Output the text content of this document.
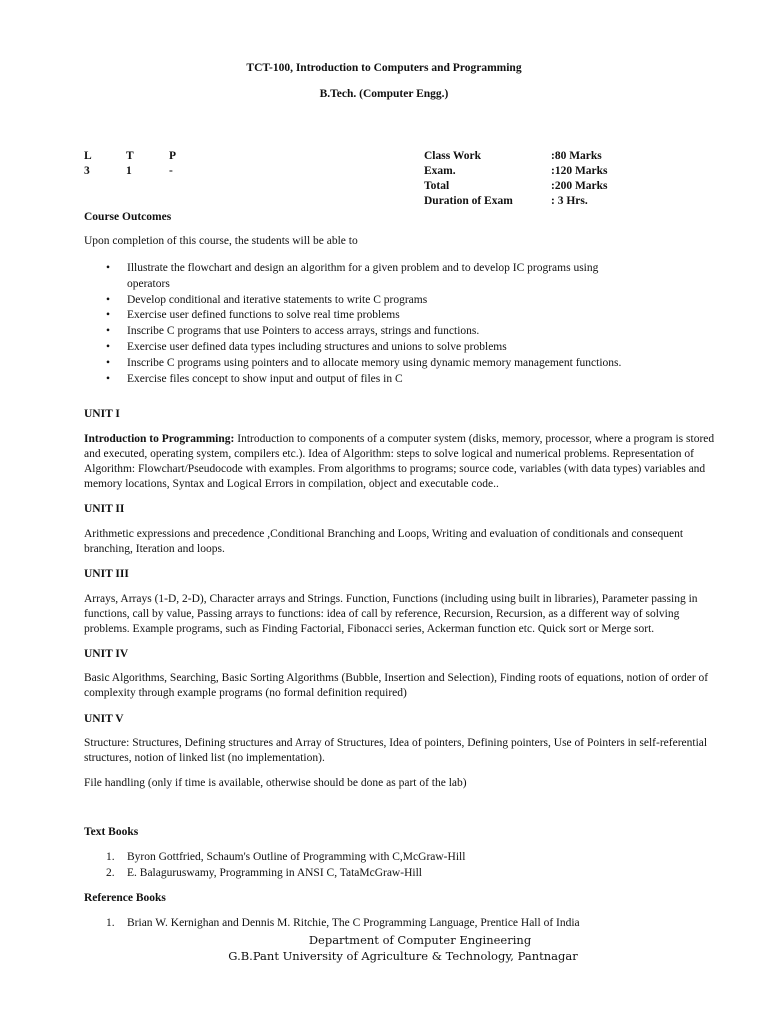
TCT-100, Introduction to Computers and Programming
B.Tech. (Computer Engg.)
L	T	P
3	1	-
Class Work	:80 Marks
Exam.	:120 Marks
Total	:200 Marks
Duration of Exam	: 3 Hrs.
Course Outcomes
Upon completion of this course, the students will be able to
• Illustrate the flowchart and design an algorithm for a given problem and to develop IC programs using operators
• Develop conditional and iterative statements to write C programs
• Exercise user defined functions to solve real time problems
• Inscribe C programs that use Pointers to access arrays, strings and functions.
• Exercise user defined data types including structures and unions to solve problems
• Inscribe C programs using pointers and to allocate memory using dynamic memory management functions.
• Exercise files concept to show input and output of files in C
UNIT I

Introduction to Programming: Introduction to components of a computer system (disks, memory, processor, where a program is stored and executed, operating system, compilers etc.). Idea of Algorithm: steps to solve logical and numerical problems. Representation of Algorithm: Flowchart/Pseudocode with examples. From algorithms to programs; source code, variables (with data types) variables and memory locations, Syntax and Logical Errors in compilation, object and executable code..

UNIT II

Arithmetic expressions and precedence ,Conditional Branching and Loops, Writing and evaluation of conditionals and consequent branching, Iteration and loops.

UNIT III

Arrays, Arrays (1-D, 2-D), Character arrays and Strings. Function, Functions (including using built in libraries), Parameter passing in functions, call by value, Passing arrays to functions: idea of call by reference, Recursion, Recursion, as a different way of solving problems. Example programs, such as Finding Factorial, Fibonacci series, Ackerman function etc. Quick sort or Merge sort.

UNIT IV

Basic Algorithms, Searching, Basic Sorting Algorithms (Bubble, Insertion and Selection), Finding roots of equations, notion of order of complexity through example programs (no formal definition required)

UNIT V

Structure: Structures, Defining structures and Array of Structures, Idea of pointers, Defining pointers, Use of Pointers in self-referential structures, notion of linked list (no implementation).

File handling (only if time is available, otherwise should be done as part of the lab)

Text Books
1. Byron Gottfried, Schaum's Outline of Programming with C,McGraw-Hill
2. E. Balaguruswamy, Programming in ANSI C, TataMcGraw-Hill
Reference Books
1. Brian W. Kernighan and Dennis M. Ritchie, The C Programming Language, Prentice Hall of India
Department of Computer Engineering
G.B.Pant University of Agriculture & Technology, Pantnagar
